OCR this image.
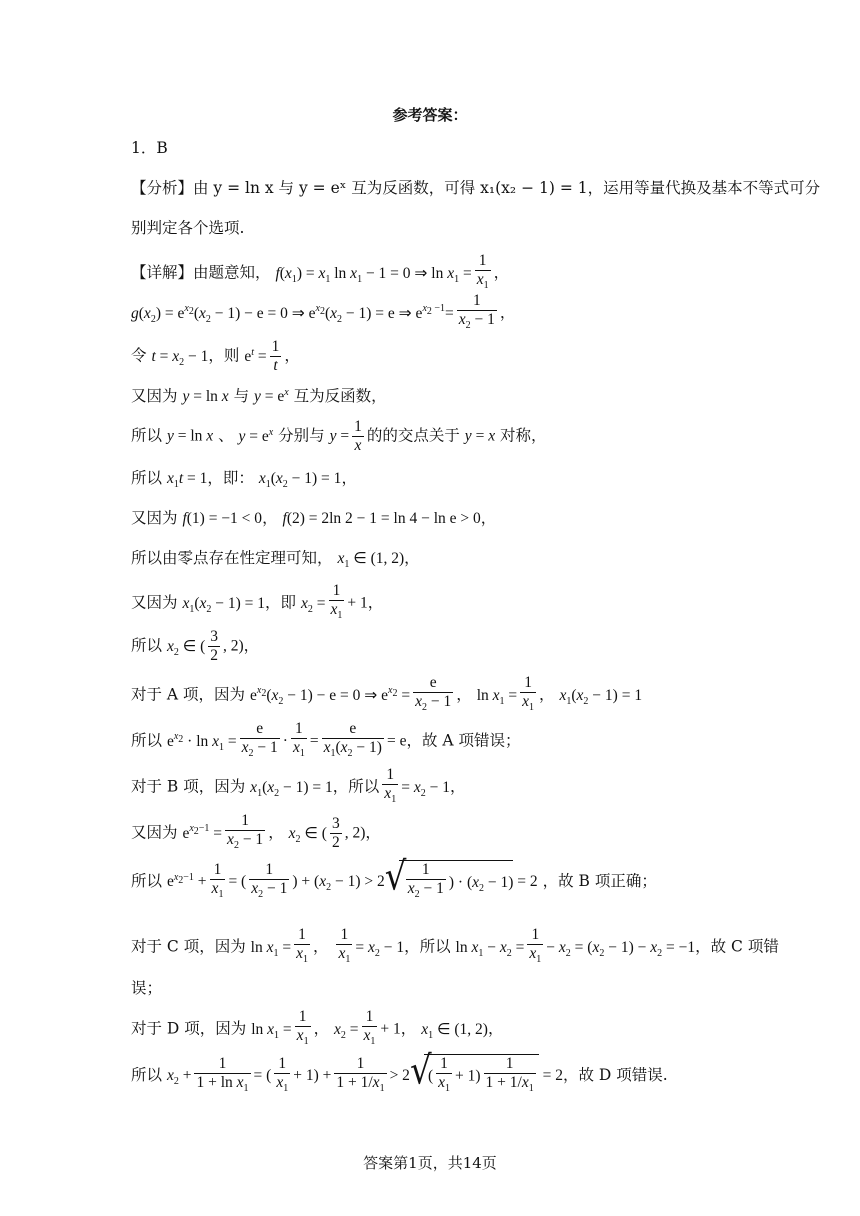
参考答案：
1．B
【分析】由 y = ln x 与 y = eˣ 互为反函数，可得 x₁(x₂ − 1) = 1，运用等量代换及基本不等式可分
别判定各个选项.
【详解】由题意知， $f(x_1) = x_1$ $\ln x_1 - 1 = 0$ ⇒ $\ln x_1 = \frac{1}{x_1}$ ，
$g(x_2) = e^{x_2}(x_2 - 1) - e = 0$ ⇒ $e^{x_2}(x_2 - 1) = e$ ⇒ $e^{x_2 -1}= \frac{1}{x_2 - 1}$ ，
令 $t = x_2 - 1$，则 $e^t = \frac{1}{t}$ ，
又因为 y = ln x 与 $y = e^x$ 互为反函数，
所以 y = ln x 、 $y = e^x$ 分别与 $y = \frac{1}{x}$ 的的交点关于 y = x 对称，
所以 $x_1t = 1$，即： $x_1(x_2 - 1) = 1$，
又因为 f(1) = −1 < 0， f(2) = 2ln 2 − 1 = ln 4 − ln e > 0，
所以由零点存在性定理可知， $x_1$ ∈ (1, 2)，
又因为 $x_1(x_2 - 1) = 1$，即 $x_2 = \frac{1}{x_1} + 1$，
所以 $x_2$ ∈ ( $\frac{3}{2}$ , 2)，
对于 A 项，因为 $e^{x_2}(x_2 - 1) - e = 0$ ⇒ $e^{x_2} = \frac{e}{x_2 - 1}$ ， $\ln x_1 = \frac{1}{x_1}$ ， $x_1(x_2 - 1) = 1$
所以 $e^{x_2} \cdot \ln x_1 = \frac{e}{x_2 - 1} \cdot \frac{1}{x_1} = \frac{e}{x_1(x_2 - 1)} = e$，故 A 项错误；
对于 B 项，因为 $x_1(x_2 - 1) = 1$，所以 $\frac{1}{x_1} = x_2 - 1$，
又因为 $e^{x_2-1} = \frac{1}{x_2 - 1}$ ， $x_2$ ∈ ( $\frac{3}{2}$ , 2)，
所以 $e^{x_2-1} + \frac{1}{x_1}$ = ( $\frac{1}{x_2 - 1}$ ) + $(x_2 - 1) > 2$
√ $\frac{1}{x_2 - 1}$ ) · $(x_2 - 1) = 2$ ，故 B 项正确；
对于 C 项，因为 $\ln x_1 = \frac{1}{x_1}$ ， $\frac{1}{x_1} = x_2 - 1$，所以 $\ln x_1 - x_2 = \frac{1}{x_1} - x_2 = (x_2 - 1) - x_2 = -1$，故 C 项错
误；
对于 D 项，因为 $\ln x_1 = \frac{1}{x_1}$ ， $x_2 = \frac{1}{x_1} + 1$， $x_1$ ∈ (1, 2)，
所以 $x_2 + \frac{1}{1 + \ln x_1}$ = ( $\frac{1}{x_1} + 1) + \frac{1}{1 + 1/x_1} > 2√$ ( $\frac{1}{x_1} + 1) \frac{1}{1 + 1/x_1} = 2$，故 D 项错误.
答案第1页，共14页
